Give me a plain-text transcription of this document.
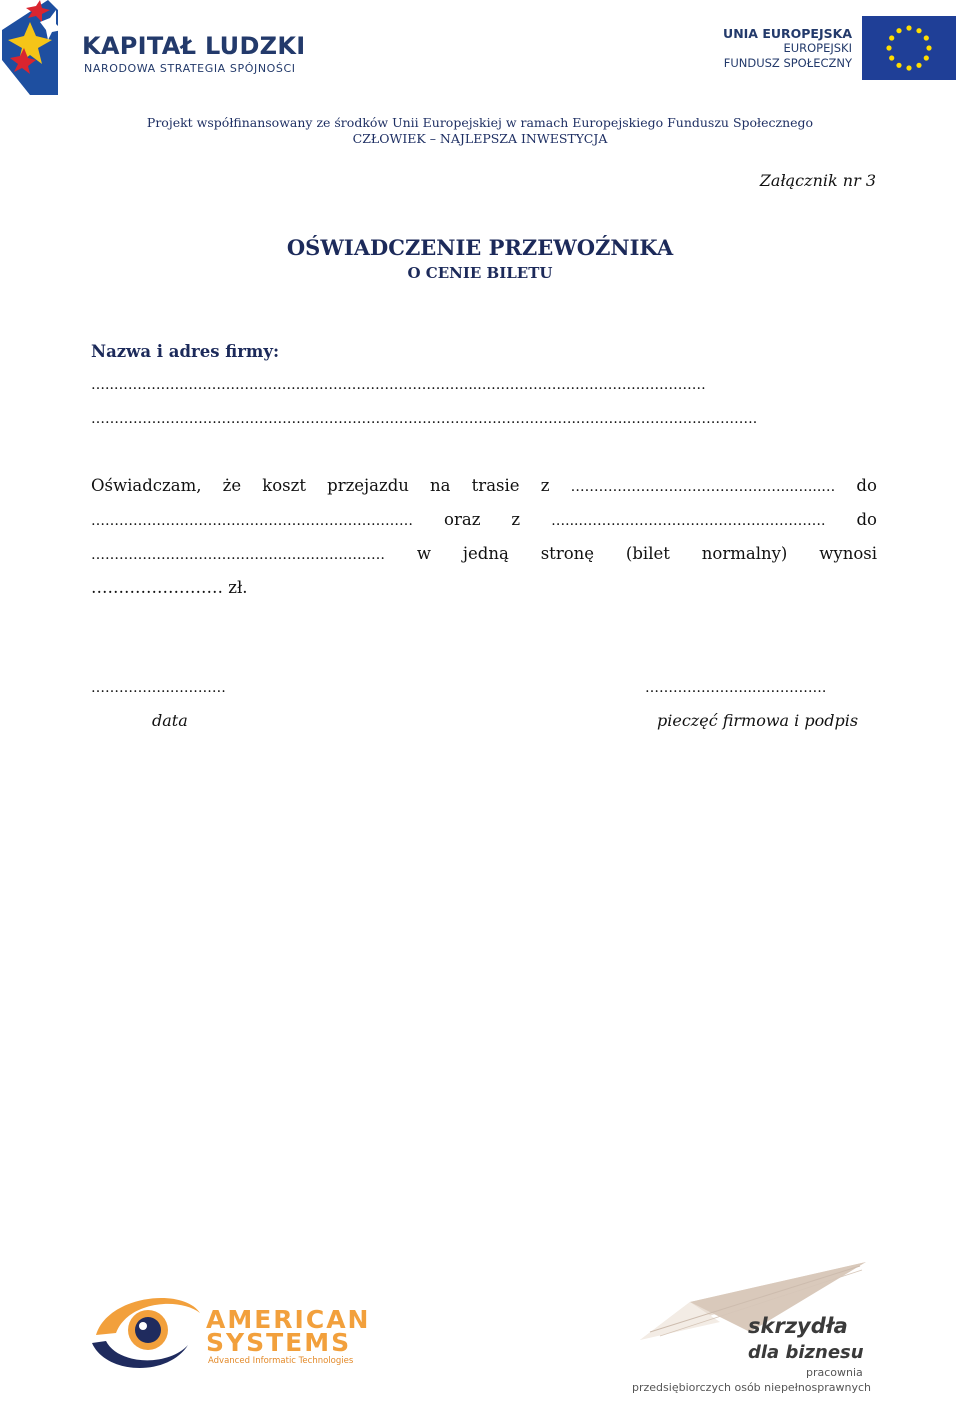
KAPITAŁ LUDZKI
NARODOWA STRATEGIA SPÓJNOŚCI
UNIA EUROPEJSKA
EUROPEJSKI
FUNDUSZ SPOŁECZNY
Projekt współfinansowany ze środków Unii Europejskiej w ramach Europejskiego Funduszu Społecznego
CZŁOWIEK – NAJLEPSZA INWESTYCJA
Załącznik nr 3
OŚWIADCZENIE PRZEWOŹNIKA
O CENIE BILETU
Nazwa i adres firmy:
…..…………….……………………………………………………...…………………………………………
…………….…………………………………………………………………………….………..……………………….
Oświadczam, że koszt przejazdu na trasie z ………………………………………...…...… do
…………………………………………………………… oraz z …....……………………………………………. do
……………………………………………………… w jedną stronę (bilet normalny) wynosi
…………………… zł.
……………..…………	…………………..…………….
data	pieczęć firmowa i podpis
AMERICAN
SYSTEMS
Advanced Informatic Technologies
skrzydła
dla biznesu
pracownia
przedsiębiorczych osób niepełnosprawnych
